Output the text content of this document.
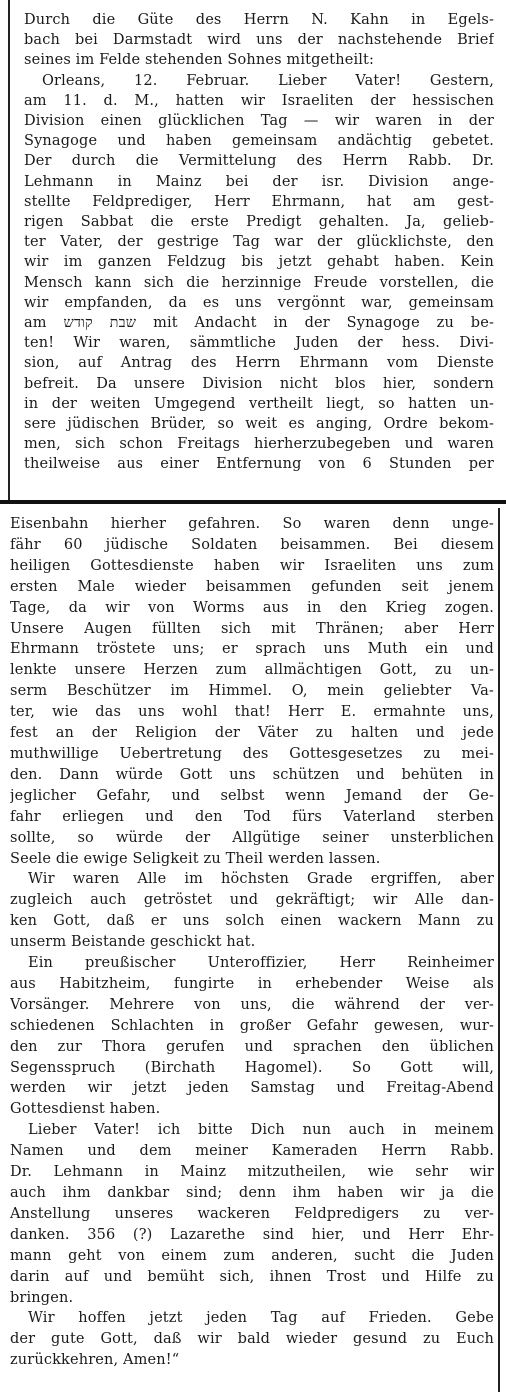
Durch die Güte des Herrn N. Kahn in Egels-
bach bei Darmstadt wird uns der nachstehende Brief
seines im Felde stehenden Sohnes mitgetheilt:
Orleans, 12. Februar. Lieber Vater! Gestern,
am 11. d. M., hatten wir Israeliten der hessischen
Division einen glücklichen Tag — wir waren in der
Synagoge und haben gemeinsam andächtig gebetet.
Der durch die Vermittelung des Herrn Rabb. Dr.
Lehmann in Mainz bei der isr. Division ange-
stellte Feldprediger, Herr Ehrmann, hat am gest-
rigen Sabbat die erste Predigt gehalten. Ja, gelieb-
ter Vater, der gestrige Tag war der glücklichste, den
wir im ganzen Feldzug bis jetzt gehabt haben. Kein
Mensch kann sich die herzinnige Freude vorstellen, die
wir empfanden, da es uns vergönnt war, gemeinsam
am שבת קודש mit Andacht in der Synagoge zu be-
ten! Wir waren, sämmtliche Juden der hess. Divi-
sion, auf Antrag des Herrn Ehrmann vom Dienste
befreit. Da unsere Division nicht blos hier, sondern
in der weiten Umgegend vertheilt liegt, so hatten un-
sere jüdischen Brüder, so weit es anging, Ordre bekom-
men, sich schon Freitags hierherzubegeben und waren
theilweise aus einer Entfernung von 6 Stunden per
Eisenbahn hierher gefahren. So waren denn unge-
fähr 60 jüdische Soldaten beisammen. Bei diesem
heiligen Gottesdienste haben wir Israeliten uns zum
ersten Male wieder beisammen gefunden seit jenem
Tage, da wir von Worms aus in den Krieg zogen.
Unsere Augen füllten sich mit Thränen; aber Herr
Ehrmann tröstete uns; er sprach uns Muth ein und
lenkte unsere Herzen zum allmächtigen Gott, zu un-
serm Beschützer im Himmel. O, mein geliebter Va-
ter, wie das uns wohl that! Herr E. ermahnte uns,
fest an der Religion der Väter zu halten und jede
muthwillige Uebertretung des Gottesgesetzes zu mei-
den. Dann würde Gott uns schützen und behüten in
jeglicher Gefahr, und selbst wenn Jemand der Ge-
fahr erliegen und den Tod fürs Vaterland sterben
sollte, so würde der Allgütige seiner unsterblichen
Seele die ewige Seligkeit zu Theil werden lassen.
Wir waren Alle im höchsten Grade ergriffen, aber
zugleich auch getröstet und gekräftigt; wir Alle dan-
ken Gott, daß er uns solch einen wackern Mann zu
unserm Beistande geschickt hat.
Ein preußischer Unteroffizier, Herr Reinheimer
aus Habitzheim, fungirte in erhebender Weise als
Vorsänger. Mehrere von uns, die während der ver-
schiedenen Schlachten in großer Gefahr gewesen, wur-
den zur Thora gerufen und sprachen den üblichen
Segensspruch (Birchath Hagomel). So Gott will,
werden wir jetzt jeden Samstag und Freitag-Abend
Gottesdienst haben.
Lieber Vater! ich bitte Dich nun auch in meinem
Namen und dem meiner Kameraden Herrn Rabb.
Dr. Lehmann in Mainz mitzutheilen, wie sehr wir
auch ihm dankbar sind; denn ihm haben wir ja die
Anstellung unseres wackeren Feldpredigers zu ver-
danken. 356 (?) Lazarethe sind hier, und Herr Ehr-
mann geht von einem zum anderen, sucht die Juden
darin auf und bemüht sich, ihnen Trost und Hilfe zu
bringen.
Wir hoffen jetzt jeden Tag auf Frieden. Gebe
der gute Gott, daß wir bald wieder gesund zu Euch
zurückkehren, Amen!“
